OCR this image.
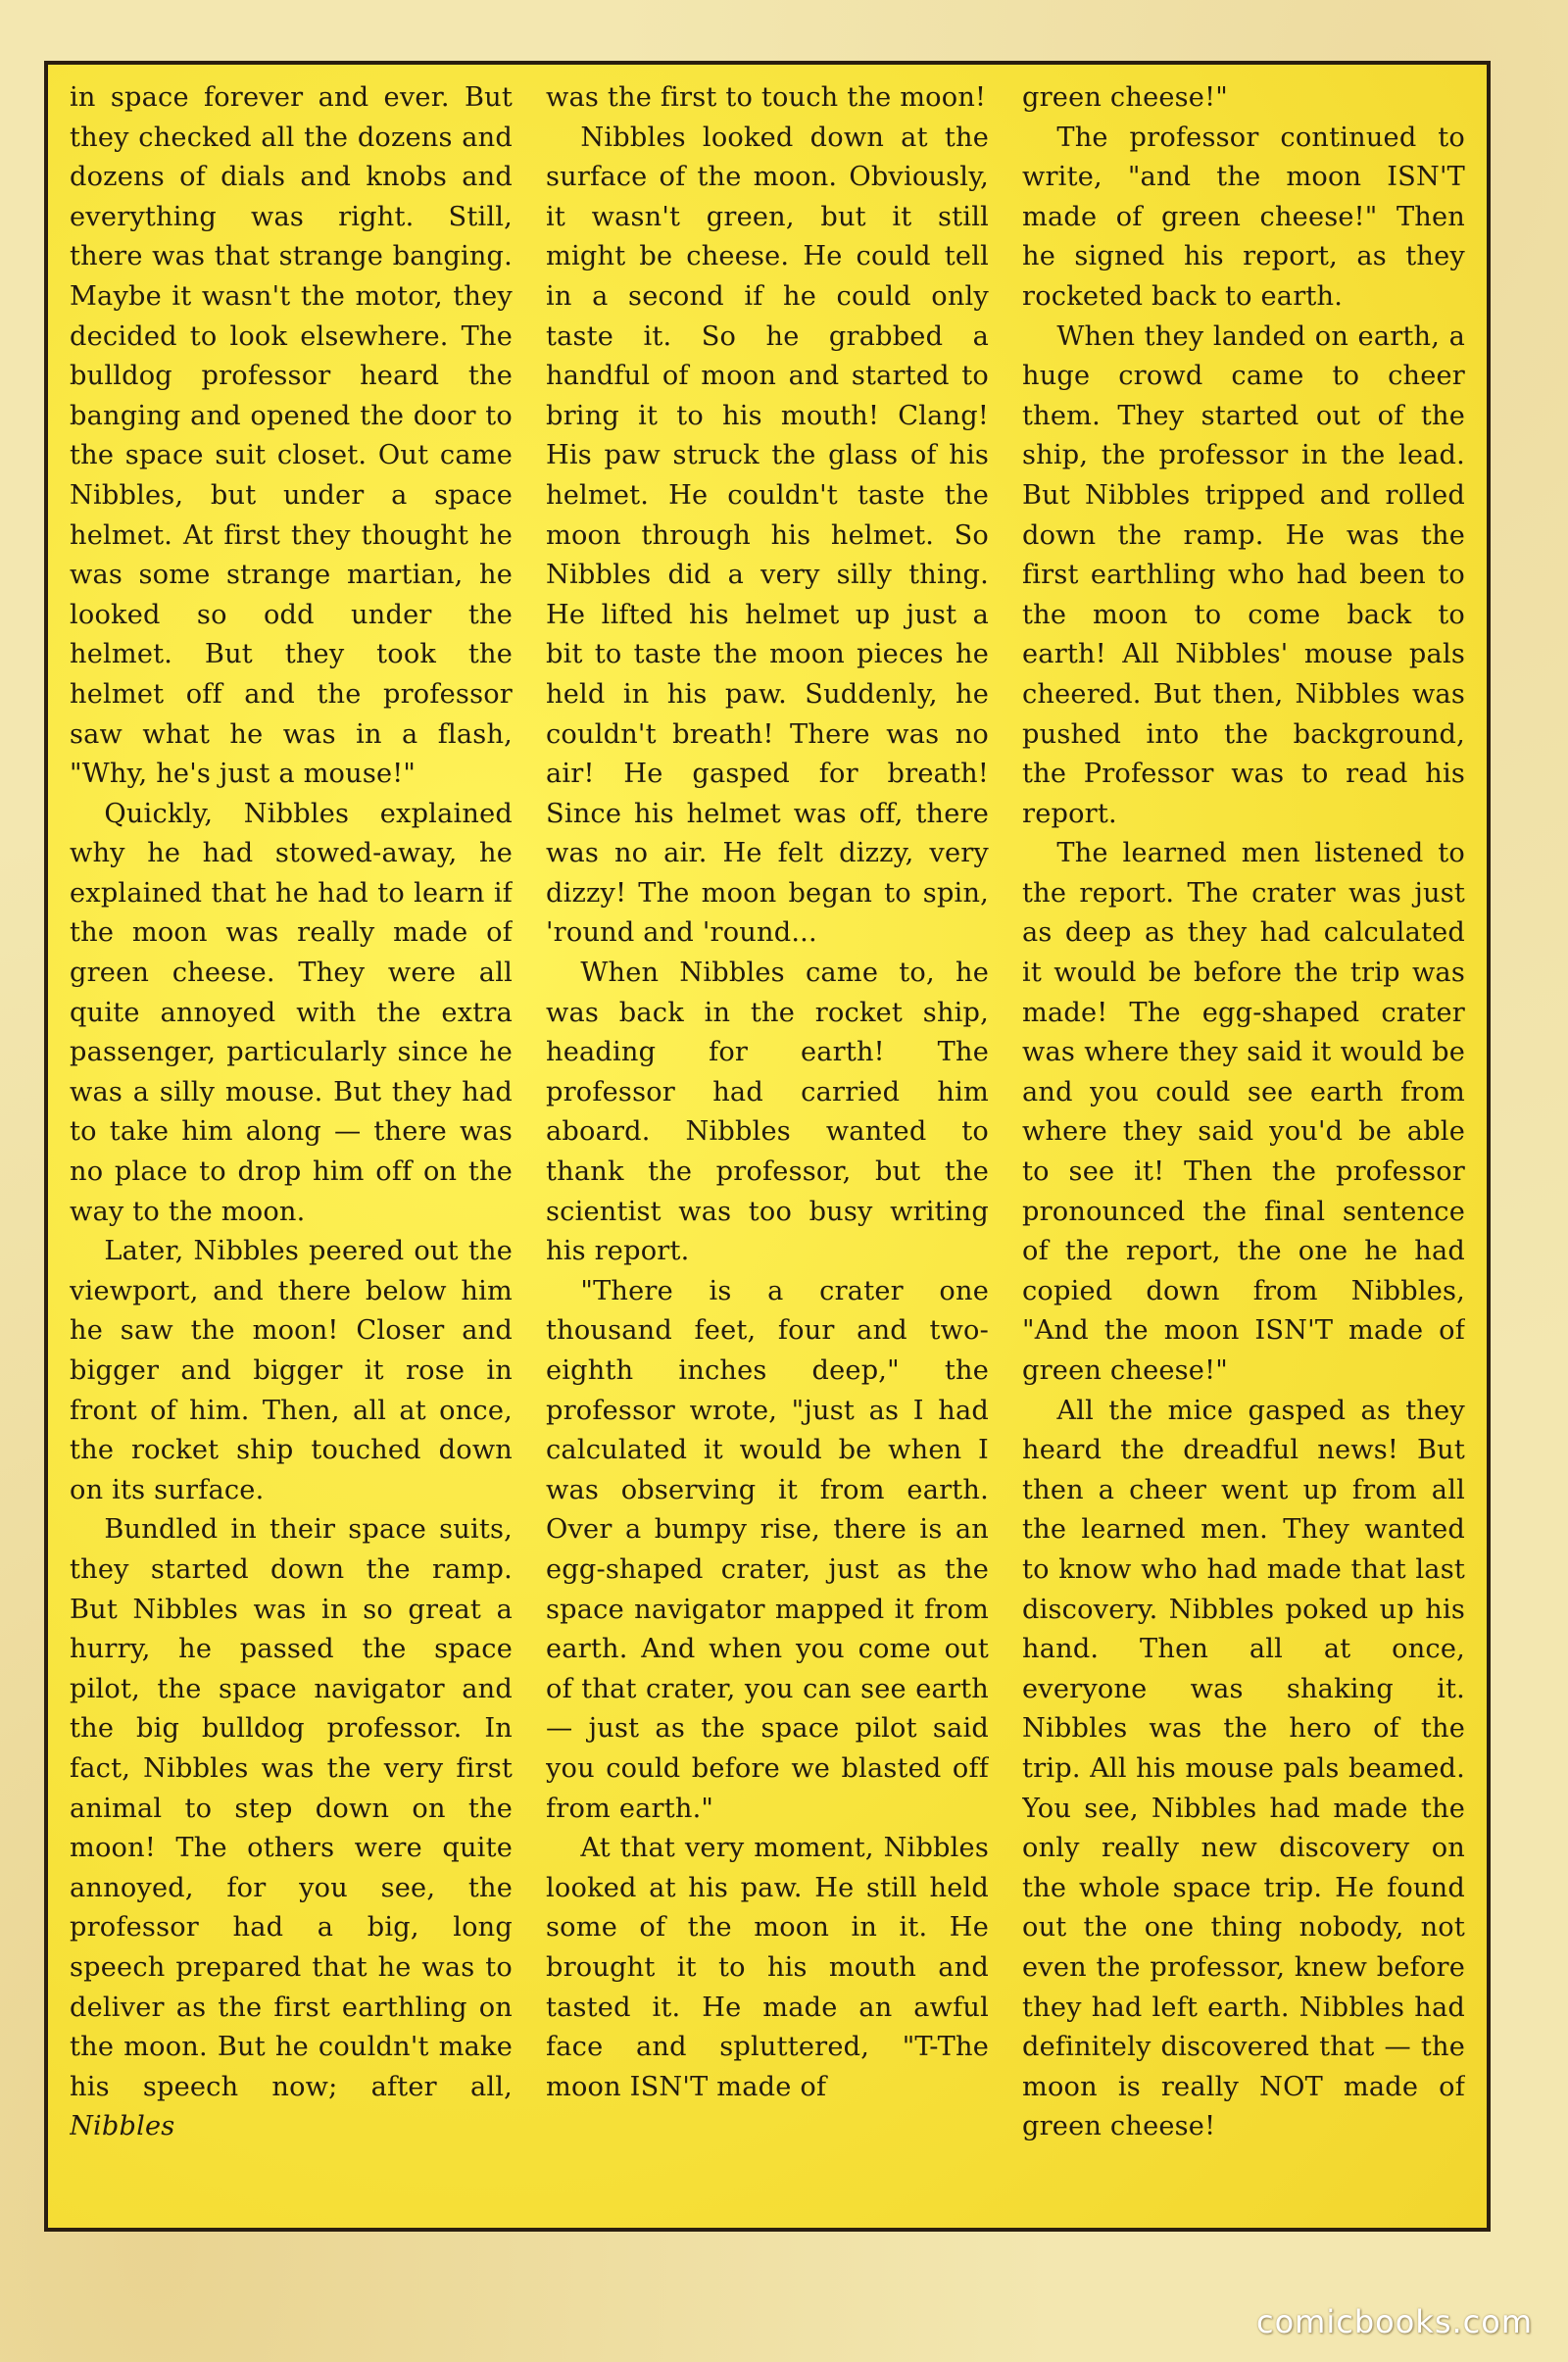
in space forever and ever. But they checked all the dozens and dozens of dials and knobs and everything was right. Still, there was that strange banging. Maybe it wasn't the motor, they decided to look elsewhere. The bulldog professor heard the banging and opened the door to the space suit closet. Out came Nibbles, but under a space helmet. At first they thought he was some strange martian, he looked so odd under the helmet. But they took the helmet off and the professor saw what he was in a flash, "Why, he's just a mouse!"

Quickly, Nibbles explained why he had stowed-away, he explained that he had to learn if the moon was really made of green cheese. They were all quite annoyed with the extra passenger, particularly since he was a silly mouse. But they had to take him along — there was no place to drop him off on the way to the moon.

Later, Nibbles peered out the viewport, and there below him he saw the moon! Closer and bigger and bigger it rose in front of him. Then, all at once, the rocket ship touched down on its surface.

Bundled in their space suits, they started down the ramp. But Nibbles was in so great a hurry, he passed the space pilot, the space navigator and the big bulldog professor. In fact, Nibbles was the very first animal to step down on the moon! The others were quite annoyed, for you see, the professor had a big, long speech prepared that he was to deliver as the first earthling on the moon. But he couldn't make his speech now; after all, Nibbles

was the first to touch the moon!

Nibbles looked down at the surface of the moon. Obviously, it wasn't green, but it still might be cheese. He could tell in a second if he could only taste it. So he grabbed a handful of moon and started to bring it to his mouth! Clang! His paw struck the glass of his helmet. He couldn't taste the moon through his helmet. So Nibbles did a very silly thing. He lifted his helmet up just a bit to taste the moon pieces he held in his paw. Suddenly, he couldn't breath! There was no air! He gasped for breath! Since his helmet was off, there was no air. He felt dizzy, very dizzy! The moon began to spin, 'round and 'round...

When Nibbles came to, he was back in the rocket ship, heading for earth! The professor had carried him aboard. Nibbles wanted to thank the professor, but the scientist was too busy writing his report.

"There is a crater one thousand feet, four and two-eighth inches deep," the professor wrote, "just as I had calculated it would be when I was observing it from earth. Over a bumpy rise, there is an egg-shaped crater, just as the space navigator mapped it from earth. And when you come out of that crater, you can see earth — just as the space pilot said you could before we blasted off from earth."

At that very moment, Nibbles looked at his paw. He still held some of the moon in it. He brought it to his mouth and tasted it. He made an awful face and spluttered, "T-The moon ISN'T made of

green cheese!"

The professor continued to write, "and the moon ISN'T made of green cheese!" Then he signed his report, as they rocketed back to earth.

When they landed on earth, a huge crowd came to cheer them. They started out of the ship, the professor in the lead. But Nibbles tripped and rolled down the ramp. He was the first earthling who had been to the moon to come back to earth! All Nibbles' mouse pals cheered. But then, Nibbles was pushed into the background, the Professor was to read his report.

The learned men listened to the report. The crater was just as deep as they had calculated it would be before the trip was made! The egg-shaped crater was where they said it would be and you could see earth from where they said you'd be able to see it! Then the professor pronounced the final sentence of the report, the one he had copied down from Nibbles, "And the moon ISN'T made of green cheese!"

All the mice gasped as they heard the dreadful news! But then a cheer went up from all the learned men. They wanted to know who had made that last discovery. Nibbles poked up his hand. Then all at once, everyone was shaking it. Nibbles was the hero of the trip. All his mouse pals beamed. You see, Nibbles had made the only really new discovery on the whole space trip. He found out the one thing nobody, not even the professor, knew before they had left earth. Nibbles had definitely discovered that — the moon is really NOT made of green cheese!

comicbooks.com
